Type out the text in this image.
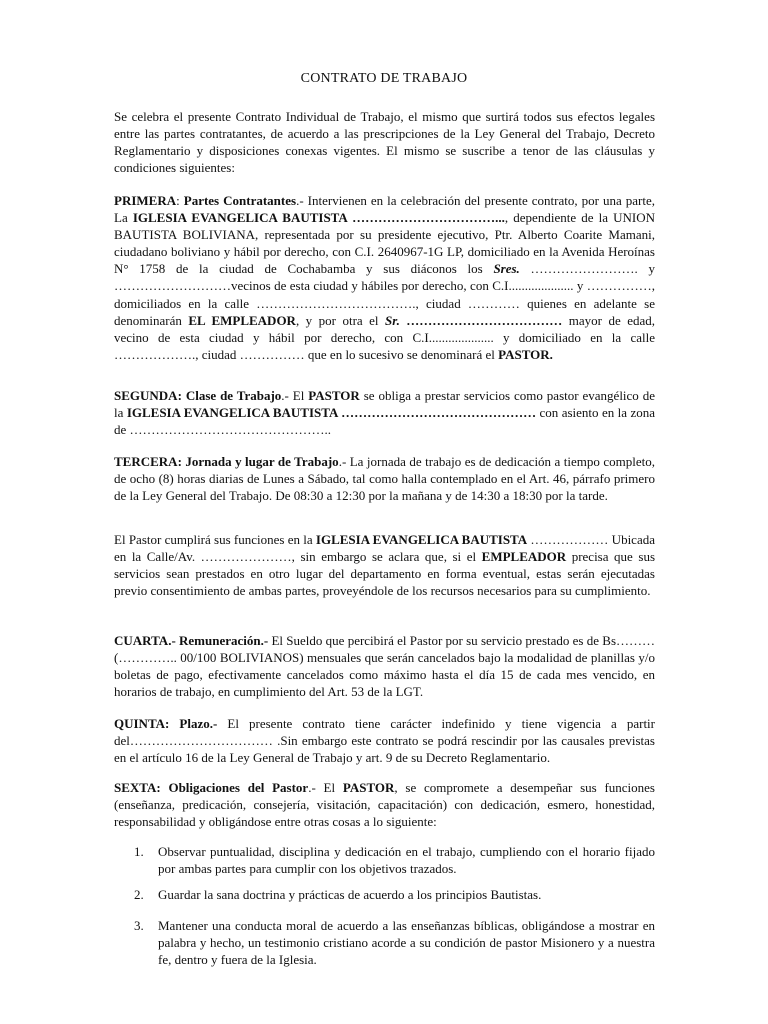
CONTRATO DE TRABAJO

Se celebra el presente Contrato Individual de Trabajo, el mismo que surtirá todos sus efectos legales entre las partes contratantes, de acuerdo a las prescripciones de la Ley General del Trabajo, Decreto Reglamentario y disposiciones conexas vigentes. El mismo se suscribe a tenor de las cláusulas y condiciones siguientes:

PRIMERA: Partes Contratantes.- Intervienen en la celebración del presente contrato, por una parte, La IGLESIA EVANGELICA BAUTISTA ……………………………..., dependiente de la UNION BAUTISTA BOLIVIANA, representada por su presidente ejecutivo, Ptr. Alberto Coarite Mamani, ciudadano boliviano y hábil por derecho, con C.I. 2640967-1G LP, domiciliado en la Avenida Heroínas N° 1758 de la ciudad de Cochabamba y sus diáconos los Sres. ……………………. y ………………………vecinos de esta ciudad y hábiles por derecho, con C.I.................... y ……………, domiciliados en la calle ………………………………., ciudad ………… quienes en adelante se denominarán EL EMPLEADOR, y por otra el Sr. ……………………………… mayor de edad, vecino de esta ciudad y hábil por derecho, con C.I.................... y domiciliado en la calle ………………., ciudad …………… que en lo sucesivo se denominará el PASTOR.

SEGUNDA: Clase de Trabajo.- El PASTOR se obliga a prestar servicios como pastor evangélico de la IGLESIA EVANGELICA BAUTISTA ……………………………………… con asiento en la zona de ………………………………………..

TERCERA: Jornada y lugar de Trabajo.- La jornada de trabajo es de dedicación a tiempo completo, de ocho (8) horas diarias de Lunes a Sábado, tal como halla contemplado en el Art. 46, párrafo primero de la Ley General del Trabajo. De 08:30 a 12:30 por la mañana y de 14:30 a 18:30 por la tarde.

El Pastor cumplirá sus funciones en la IGLESIA EVANGELICA BAUTISTA ……………… Ubicada en la Calle/Av. …………………, sin embargo se aclara que, si el EMPLEADOR precisa que sus servicios sean prestados en otro lugar del departamento en forma eventual, estas serán ejecutadas previo consentimiento de ambas partes, proveyéndole de los recursos necesarios para su cumplimiento.

CUARTA.- Remuneración.- El Sueldo que percibirá el Pastor por su servicio prestado es de Bs……… (………….. 00/100 BOLIVIANOS) mensuales que serán cancelados bajo la modalidad de planillas y/o boletas de pago, efectivamente cancelados como máximo hasta el día 15 de cada mes vencido, en horarios de trabajo, en cumplimiento del Art. 53 de la LGT.

QUINTA: Plazo.- El presente contrato tiene carácter indefinido y tiene vigencia a partir del…………………………… .Sin embargo este contrato se podrá rescindir por las causales previstas en el artículo 16 de la Ley General de Trabajo y art. 9 de su Decreto Reglamentario.

SEXTA: Obligaciones del Pastor.- El PASTOR, se compromete a desempeñar sus funciones (enseñanza, predicación, consejería, visitación, capacitación) con dedicación, esmero, honestidad, responsabilidad y obligándose entre otras cosas a lo siguiente:

1.	Observar puntualidad, disciplina y dedicación en el trabajo, cumpliendo con el horario fijado por ambas partes para cumplir con los objetivos trazados.
2.	Guardar la sana doctrina y prácticas de acuerdo a los principios Bautistas.
3.	Mantener una conducta moral de acuerdo a las enseñanzas bíblicas, obligándose a mostrar en palabra y hecho, un testimonio cristiano acorde a su condición de pastor Misionero y a nuestra fe, dentro y fuera de la Iglesia.
